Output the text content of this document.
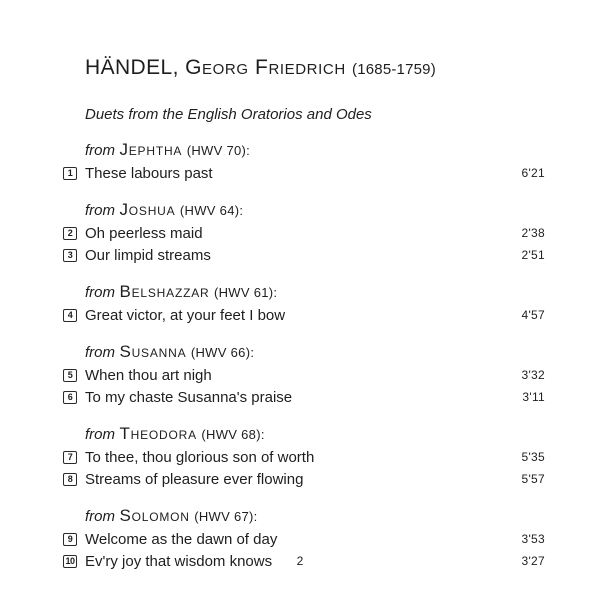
HÄNDEL, Georg Friedrich (1685-1759)
Duets from the English Oratorios and Odes
from Jephtha (HWV 70):
1 These labours past	6'21
from Joshua (HWV 64):
2 Oh peerless maid	2'38
3 Our limpid streams	2'51
from Belshazzar (HWV 61):
4 Great victor, at your feet I bow	4'57
from Susanna (HWV 66):
5 When thou art nigh	3'32
6 To my chaste Susanna's praise	3'11
from Theodora (HWV 68):
7 To thee, thou glorious son of worth	5'35
8 Streams of pleasure ever flowing	5'57
from Solomon (HWV 67):
9 Welcome as the dawn of day	3'53
10 Ev'ry joy that wisdom knows	3'27
2
